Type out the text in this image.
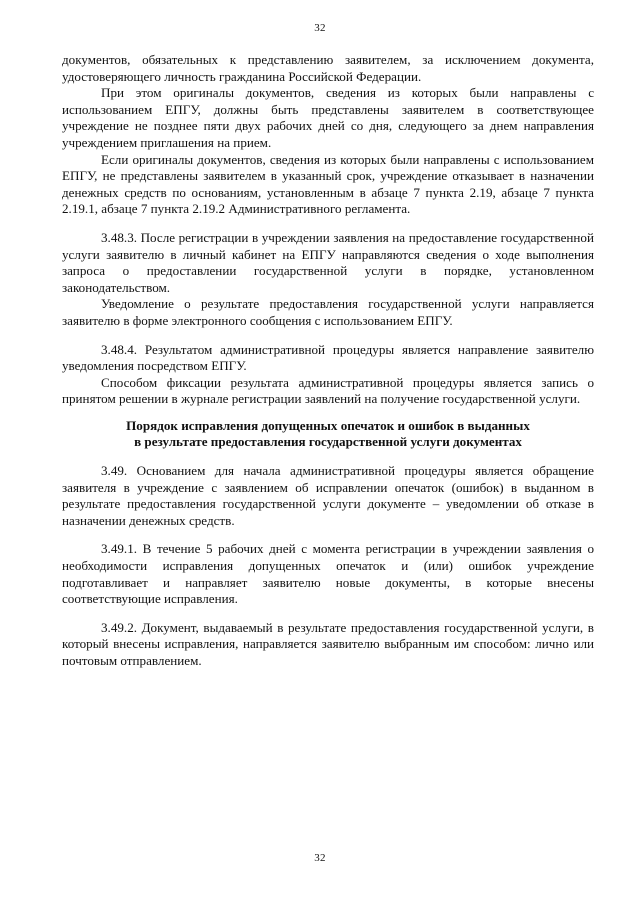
32

документов, обязательных к представлению заявителем, за исключением документа, удостоверяющего личность гражданина Российской Федерации.

При этом оригиналы документов, сведения из которых были направлены с использованием ЕПГУ, должны быть представлены заявителем в соответствующее учреждение не позднее пяти двух рабочих дней со дня, следующего за днем направления учреждением приглашения на прием.

Если оригиналы документов, сведения из которых были направлены с использованием ЕПГУ, не представлены заявителем в указанный срок, учреждение отказывает в назначении денежных средств по основаниям, установленным в абзаце 7 пункта 2.19, абзаце 7 пункта 2.19.1, абзаце 7 пункта 2.19.2 Административного регламента.

3.48.3. После регистрации в учреждении заявления на предоставление государственной услуги заявителю в личный кабинет на ЕПГУ направляются сведения о ходе выполнения запроса о предоставлении государственной услуги в порядке, установленном законодательством.

Уведомление о результате предоставления государственной услуги направляется заявителю в форме электронного сообщения с использованием ЕПГУ.

3.48.4. Результатом административной процедуры является направление заявителю уведомления посредством ЕПГУ.

Способом фиксации результата административной процедуры является запись о принятом решении в журнале регистрации заявлений на получение государственной услуги.

Порядок исправления допущенных опечаток и ошибок в выданных
в результате предоставления государственной услуги документах

3.49. Основанием для начала административной процедуры является обращение заявителя в учреждение с заявлением об исправлении опечаток (ошибок) в выданном в результате предоставления государственной услуги документе – уведомлении об отказе в назначении денежных средств.

3.49.1. В течение 5 рабочих дней с момента регистрации в учреждении заявления о необходимости исправления допущенных опечаток и (или) ошибок учреждение подготавливает и направляет заявителю новые документы, в которые внесены соответствующие исправления.

3.49.2. Документ, выдаваемый в результате предоставления государственной услуги, в который внесены исправления, направляется заявителю выбранным им способом: лично или почтовым отправлением.

32
